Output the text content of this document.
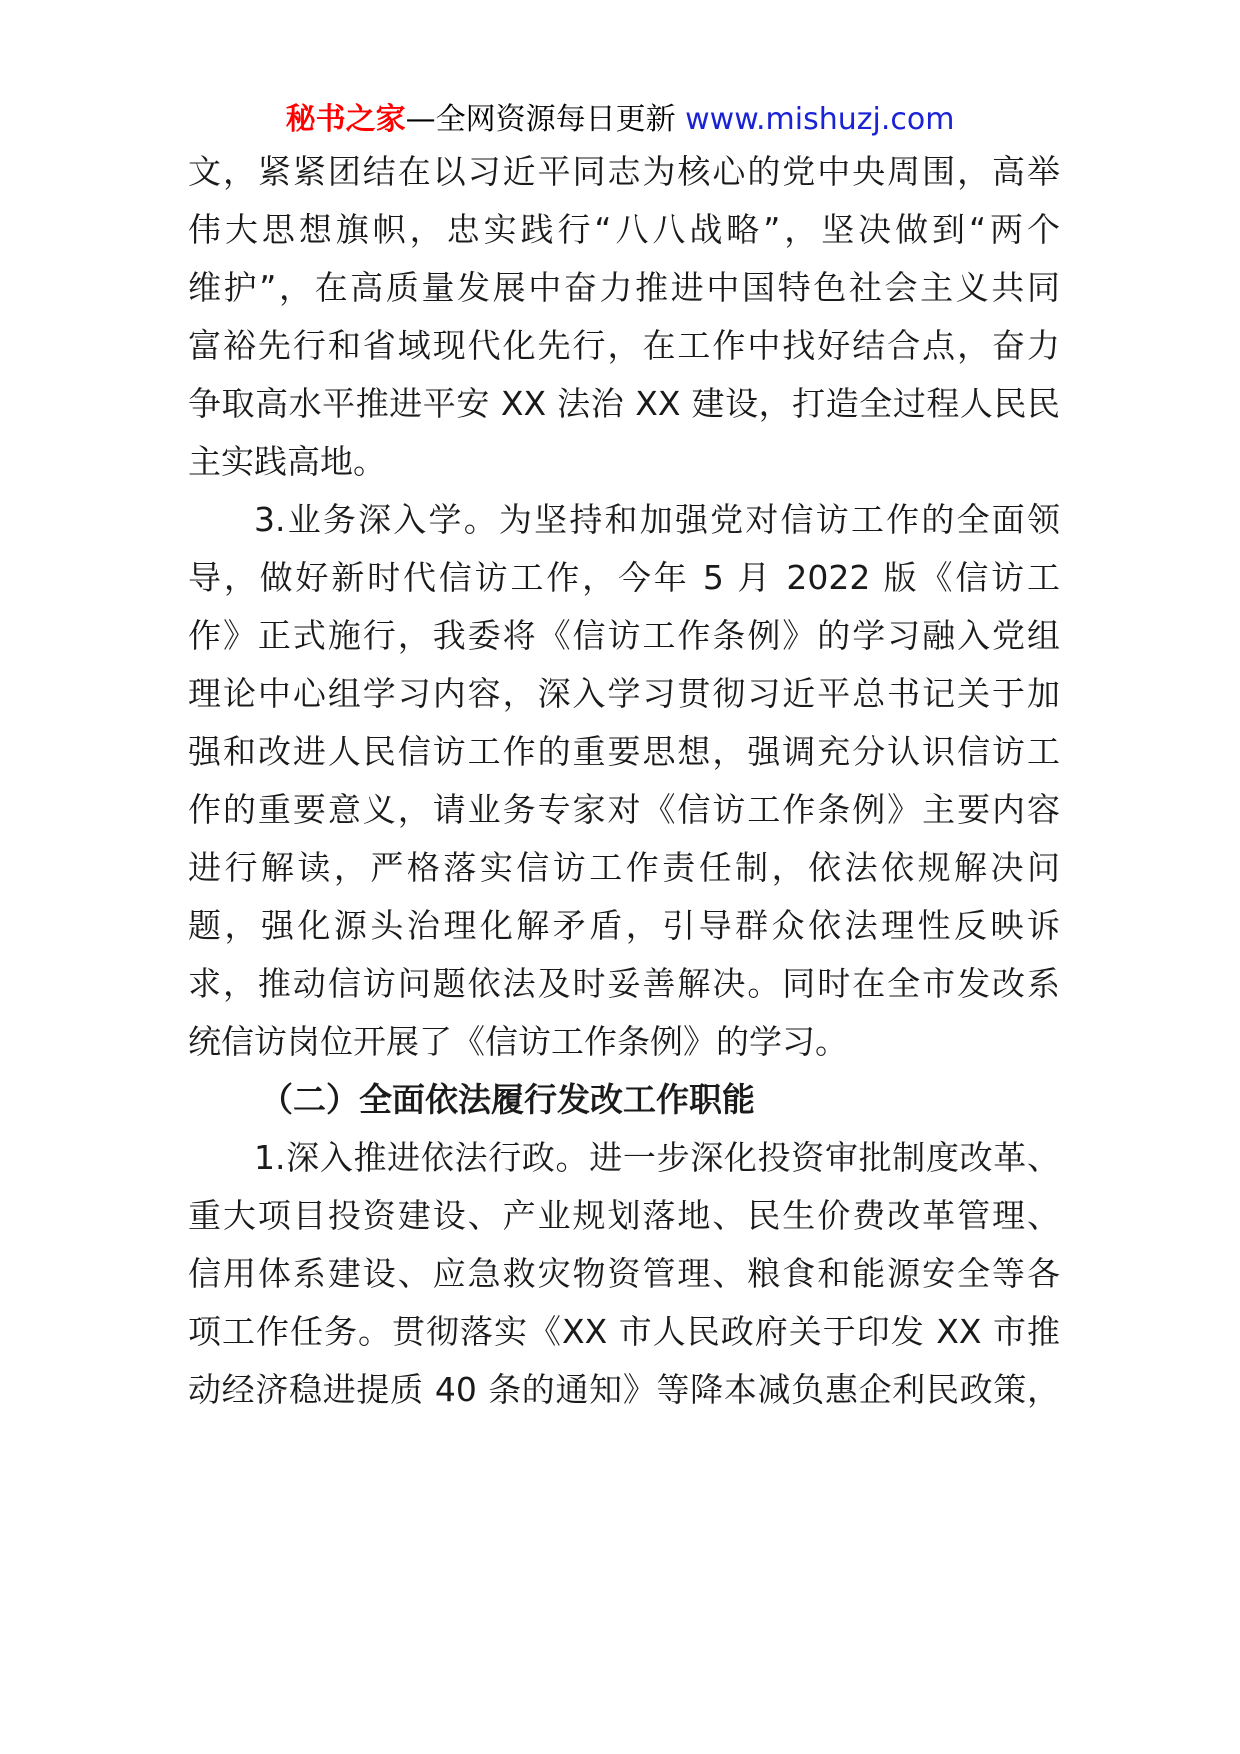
秘书之家—全网资源每日更新 www.mishuzj.com
文，紧紧团结在以习近平同志为核心的党中央周围，高举
伟大思想旗帜，忠实践行“八八战略”，坚决做到“两个
维护”，在高质量发展中奋力推进中国特色社会主义共同
富裕先行和省域现代化先行，在工作中找好结合点，奋力
争取高水平推进平安 XX 法治 XX 建设，打造全过程人民民
主实践高地。
3.业务深入学。为坚持和加强党对信访工作的全面领
导，做好新时代信访工作，今年 5 月 2022 版《信访工
作》正式施行，我委将《信访工作条例》的学习融入党组
理论中心组学习内容，深入学习贯彻习近平总书记关于加
强和改进人民信访工作的重要思想，强调充分认识信访工
作的重要意义，请业务专家对《信访工作条例》主要内容
进行解读，严格落实信访工作责任制，依法依规解决问
题，强化源头治理化解矛盾，引导群众依法理性反映诉
求，推动信访问题依法及时妥善解决。同时在全市发改系
统信访岗位开展了《信访工作条例》的学习。
（二）全面依法履行发改工作职能
1.深入推进依法行政。进一步深化投资审批制度改革、
重大项目投资建设、产业规划落地、民生价费改革管理、
信用体系建设、应急救灾物资管理、粮食和能源安全等各
项工作任务。贯彻落实《XX 市人民政府关于印发 XX 市推
动经济稳进提质 40 条的通知》等降本减负惠企利民政策，
